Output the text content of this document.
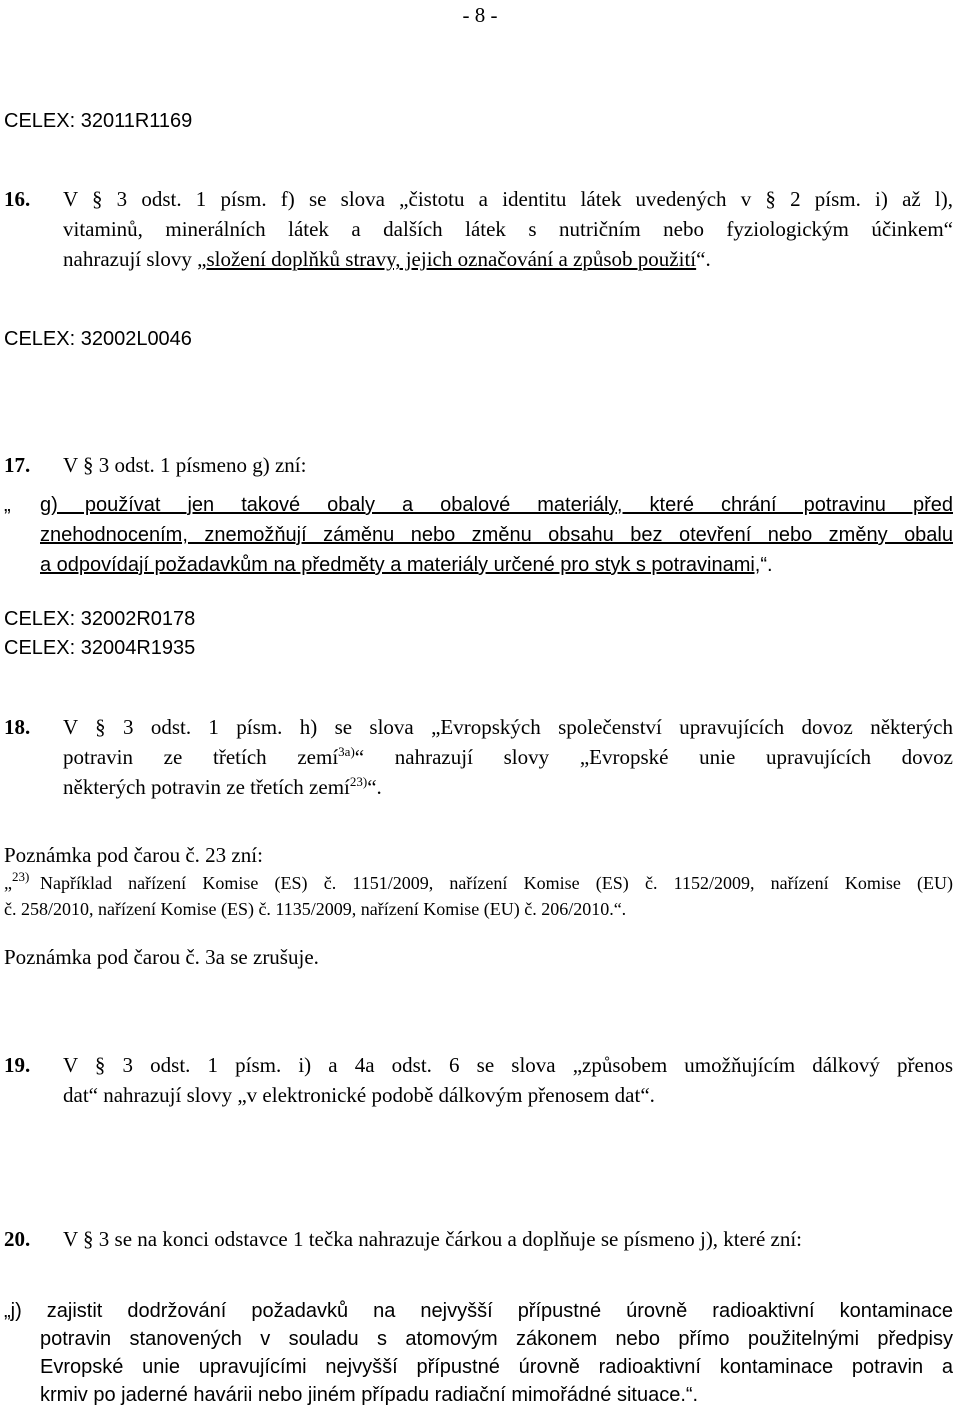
- 8 -
CELEX: 32011R1169
16. V § 3 odst. 1 písm. f) se slova „čistotu a identitu látek uvedených v § 2 písm. i) až l),
vitaminů, minerálních látek a dalších látek s nutričním nebo fyziologickým účinkem“
nahrazují slovy „složení doplňků stravy, jejich označování a způsob použití“.
CELEX: 32002L0046
17. V § 3 odst. 1 písmeno g) zní:
„ g) používat jen takové obaly a obalové materiály, které chrání potravinu před
znehodnocením, znemožňují záměnu nebo změnu obsahu bez otevření nebo změny obalu
a odpovídají požadavkům na předměty a materiály určené pro styk s potravinami,“.
CELEX: 32002R0178
CELEX: 32004R1935
18. V § 3 odst. 1 písm. h) se slova „Evropských společenství upravujících dovoz některých
potravin ze třetích zemí$^{3a)}$“ nahrazují slovy „Evropské unie upravujících dovoz
některých potravin ze třetích zemí$^{23)}$“.
Poznámka pod čarou č. 23 zní:
„$^{23)}$ Například nařízení Komise (ES) č. 1151/2009, nařízení Komise (ES) č. 1152/2009, nařízení Komise (EU)
č. 258/2010, nařízení Komise (ES) č. 1135/2009, nařízení Komise (EU) č. 206/2010.“.
Poznámka pod čarou č. 3a se zrušuje.
19. V § 3 odst. 1 písm. i) a 4a odst. 6 se slova „způsobem umožňujícím dálkový přenos
dat“ nahrazují slovy „v elektronické podobě dálkovým přenosem dat“.
20. V § 3 se na konci odstavce 1 tečka nahrazuje čárkou a doplňuje se písmeno j), které zní:
„j) zajistit dodržování požadavků na nejvyšší přípustné úrovně radioaktivní kontaminace
potravin stanovených v souladu s atomovým zákonem nebo přímo použitelnými předpisy
Evropské unie upravujícími nejvyšší přípustné úrovně radioaktivní kontaminace potravin a
krmiv po jaderné havárii nebo jiném případu radiační mimořádné situace.“.
